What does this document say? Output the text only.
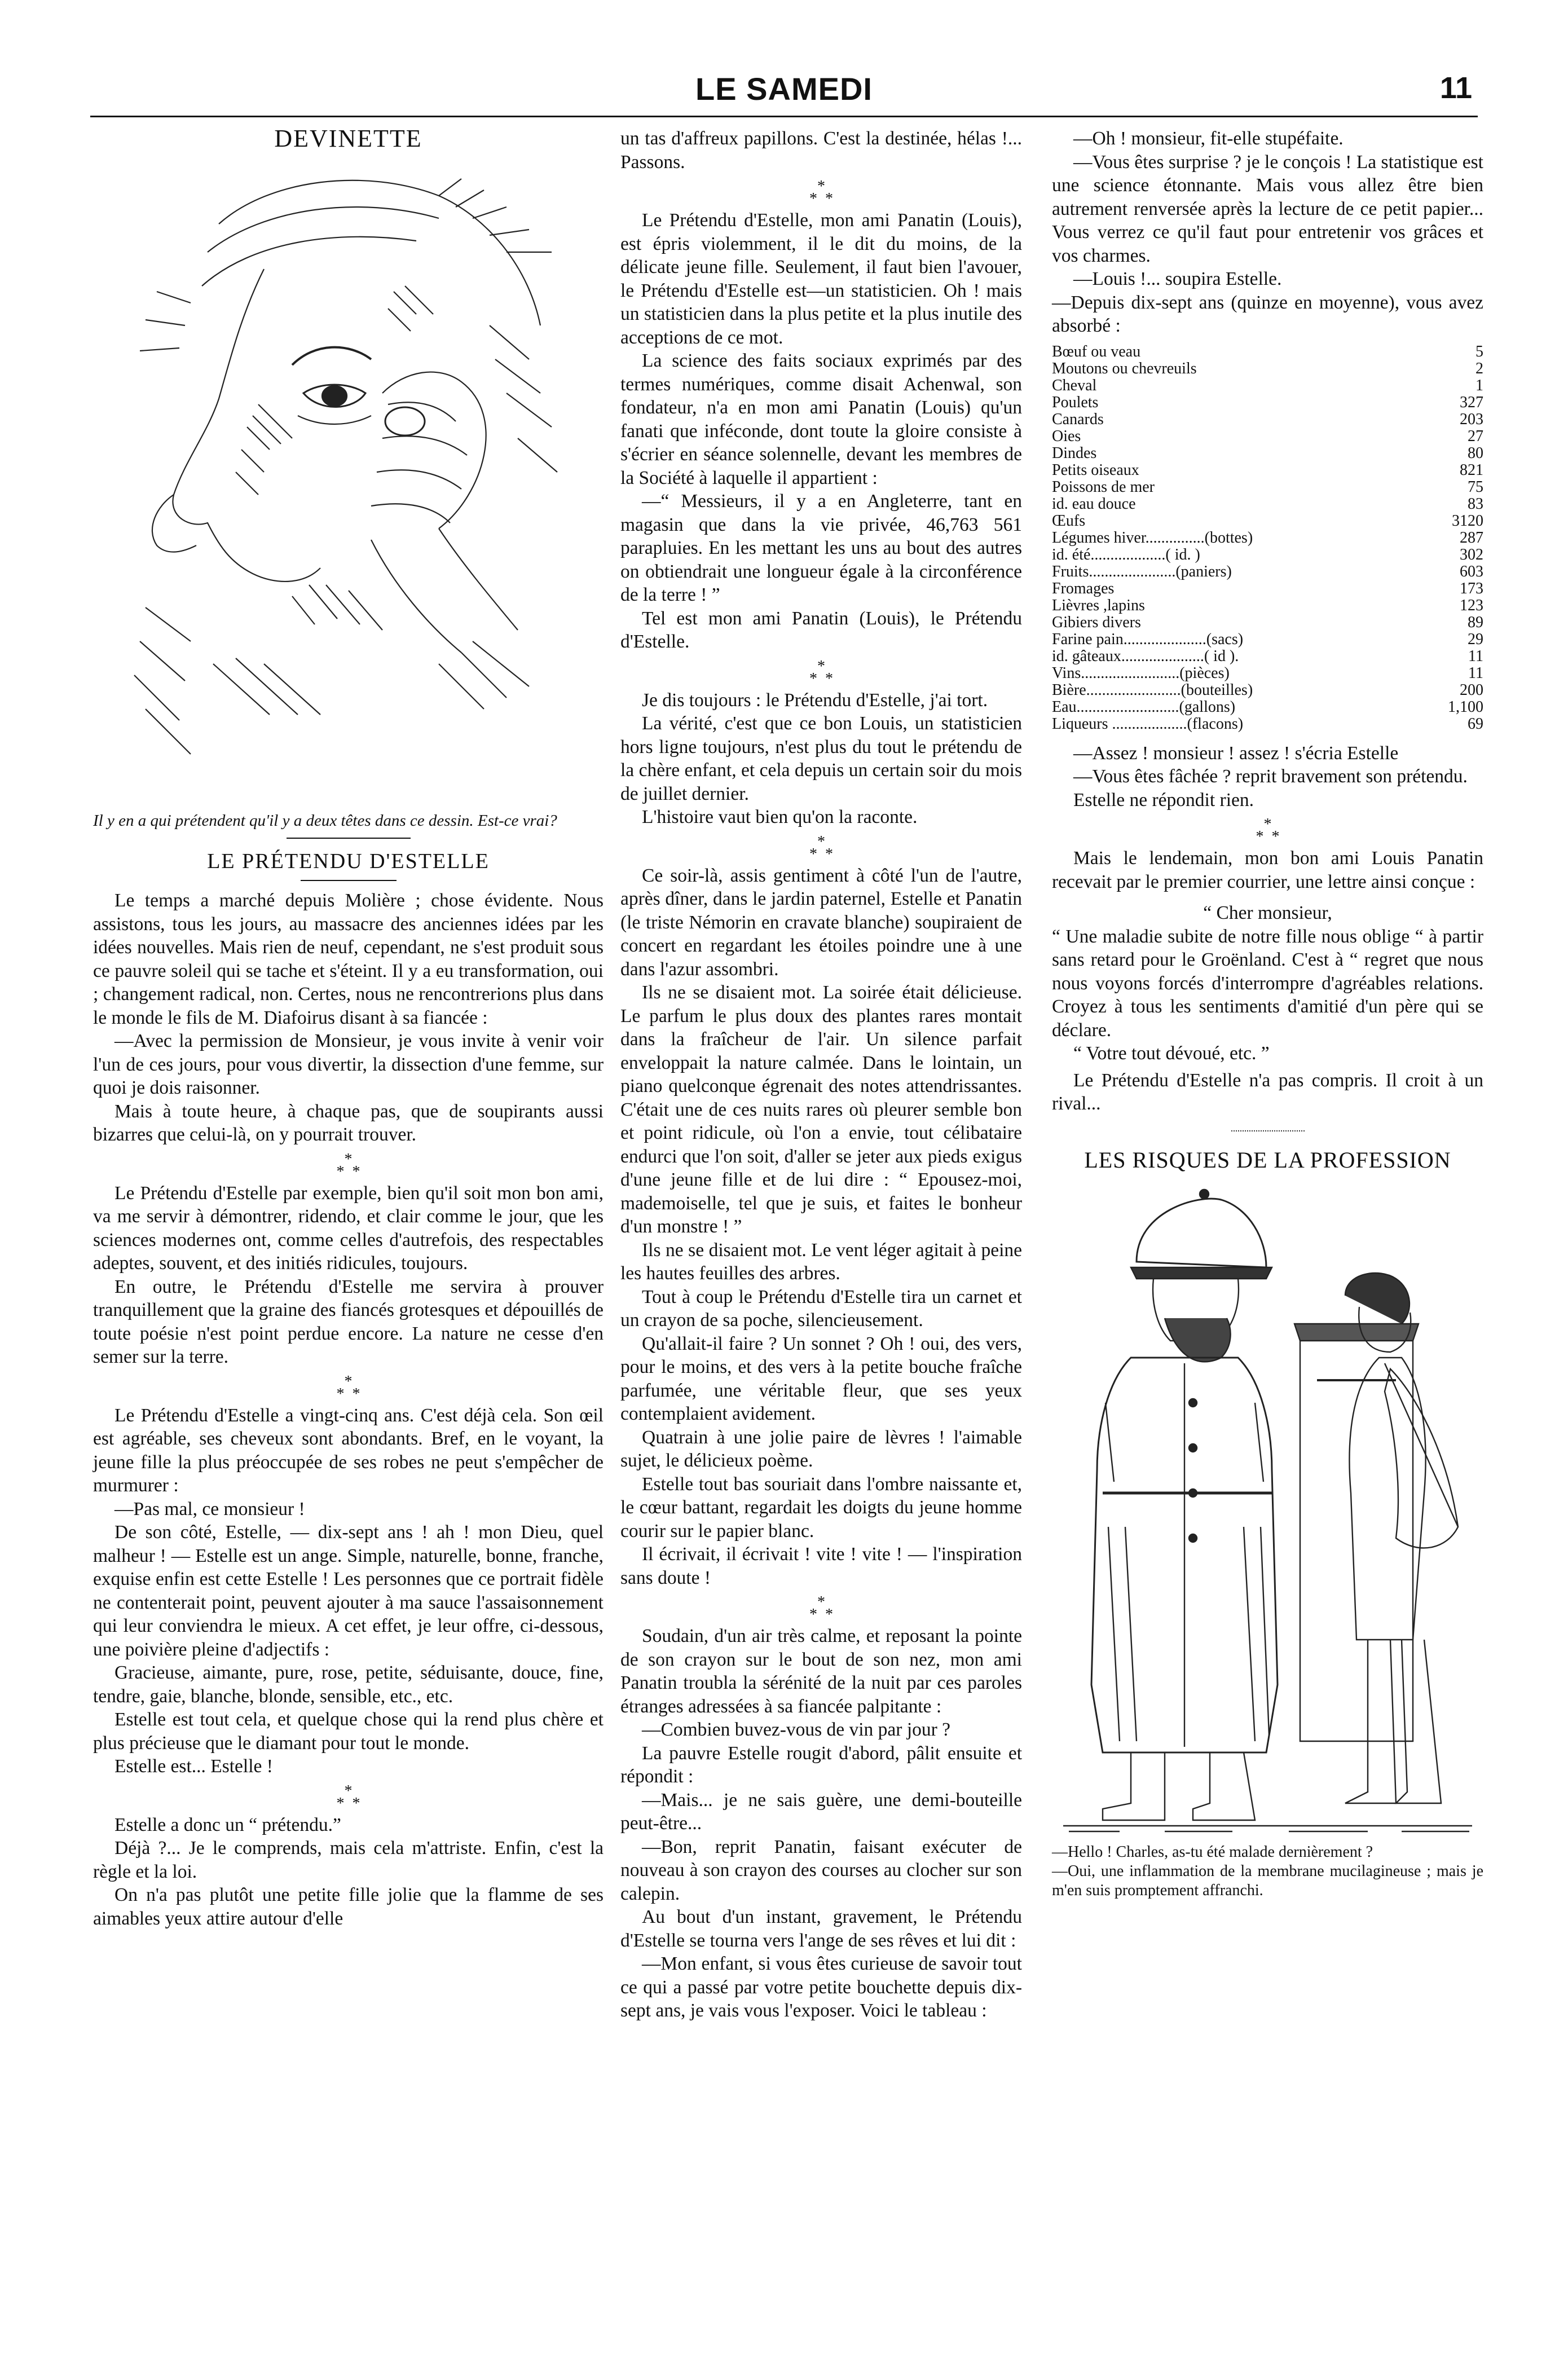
LE SAMEDI	11
DEVINETTE

Il y en a qui prétendent qu'il y a deux têtes dans ce dessin. Est-ce vrai?

LE PRÉTENDU D'ESTELLE

Le temps a marché depuis Molière ; chose évidente. Nous assistons, tous les jours, au massacre des anciennes idées par les idées nouvelles. Mais rien de neuf, cependant, ne s'est produit sous ce pauvre soleil qui se tache et s'éteint. Il y a eu transformation, oui ; changement radical, non. Certes, nous ne rencontrerions plus dans le monde le fils de M. Diafoirus disant à sa fiancée :

—Avec la permission de Monsieur, je vous invite à venir voir l'un de ces jours, pour vous divertir, la dissection d'une femme, sur quoi je dois raisonner.

Mais à toute heure, à chaque pas, que de soupirants aussi bizarres que celui-là, on y pourrait trouver.

*
*  *

Le Prétendu d'Estelle par exemple, bien qu'il soit mon bon ami, va me servir à démontrer, ridendo, et clair comme le jour, que les sciences modernes ont, comme celles d'autrefois, des respectables adeptes, souvent, et des initiés ridicules, toujours.

En outre, le Prétendu d'Estelle me servira à prouver tranquillement que la graine des fiancés grotesques et dépouillés de toute poésie n'est point perdue encore. La nature ne cesse d'en semer sur la terre.

*
*  *

Le Prétendu d'Estelle a vingt-cinq ans. C'est déjà cela. Son œil est agréable, ses cheveux sont abondants. Bref, en le voyant, la jeune fille la plus préoccupée de ses robes ne peut s'empêcher de murmurer :

—Pas mal, ce monsieur !

De son côté, Estelle, — dix-sept ans ! ah ! mon Dieu, quel malheur ! — Estelle est un ange. Simple, naturelle, bonne, franche, exquise enfin est cette Estelle ! Les personnes que ce portrait fidèle ne contenterait point, peuvent ajouter à ma sauce l'assaisonnement qui leur conviendra le mieux. A cet effet, je leur offre, ci-dessous, une poivière pleine d'adjectifs :

Gracieuse, aimante, pure, rose, petite, séduisante, douce, fine, tendre, gaie, blanche, blonde, sensible, etc., etc.

Estelle est tout cela, et quelque chose qui la rend plus chère et plus précieuse que le diamant pour tout le monde.

Estelle est... Estelle !

*
*  *

Estelle a donc un “ prétendu.”

Déjà ?... Je le comprends, mais cela m'attriste. Enfin, c'est la règle et la loi.

On n'a pas plutôt une petite fille jolie que la flamme de ses aimables yeux attire autour d'elle

un tas d'affreux papillons. C'est la destinée, hélas !... Passons.

*
*  *

Le Prétendu d'Estelle, mon ami Panatin (Louis), est épris violemment, il le dit du moins, de la délicate jeune fille. Seulement, il faut bien l'avouer, le Prétendu d'Estelle est—un statisticien. Oh ! mais un statisticien dans la plus petite et la plus inutile des acceptions de ce mot.

La science des faits sociaux exprimés par des termes numériques, comme disait Achenwal, son fondateur, n'a en mon ami Panatin (Louis) qu'un fanati que inféconde, dont toute la gloire consiste à s'écrier en séance solennelle, devant les membres de la Société à laquelle il appartient :

—“ Messieurs, il y a en Angleterre, tant en magasin que dans la vie privée, 46,763 561 parapluies. En les mettant les uns au bout des autres on obtiendrait une longueur égale à la circonférence de la terre ! ”

Tel est mon ami Panatin (Louis), le Prétendu d'Estelle.

*
*  *

Je dis toujours : le Prétendu d'Estelle, j'ai tort.

La vérité, c'est que ce bon Louis, un statisticien hors ligne toujours, n'est plus du tout le prétendu de la chère enfant, et cela depuis un certain soir du mois de juillet dernier.

L'histoire vaut bien qu'on la raconte.

*
*  *

Ce soir-là, assis gentiment à côté l'un de l'autre, après dîner, dans le jardin paternel, Estelle et Panatin (le triste Némorin en cravate blanche) soupiraient de concert en regardant les étoiles poindre une à une dans l'azur assombri.

Ils ne se disaient mot. La soirée était délicieuse. Le parfum le plus doux des plantes rares montait dans la fraîcheur de l'air. Un silence parfait enveloppait la nature calmée. Dans le lointain, un piano quelconque égrenait des notes attendrissantes. C'était une de ces nuits rares où pleurer semble bon et point ridicule, où l'on a envie, tout célibataire endurci que l'on soit, d'aller se jeter aux pieds exigus d'une jeune fille et de lui dire : “ Epousez-moi, mademoiselle, tel que je suis, et faites le bonheur d'un monstre ! ”

Ils ne se disaient mot. Le vent léger agitait à peine les hautes feuilles des arbres.

Tout à coup le Prétendu d'Estelle tira un carnet et un crayon de sa poche, silencieusement.

Qu'allait-il faire ? Un sonnet ? Oh ! oui, des vers, pour le moins, et des vers à la petite bouche fraîche parfumée, une véritable fleur, que ses yeux contemplaient avidement.

Quatrain à une jolie paire de lèvres ! l'aimable sujet, le délicieux poème.

Estelle tout bas souriait dans l'ombre naissante et, le cœur battant, regardait les doigts du jeune homme courir sur le papier blanc.

Il écrivait, il écrivait ! vite ! vite ! — l'inspiration sans doute !

*
*  *

Soudain, d'un air très calme, et reposant la pointe de son crayon sur le bout de son nez, mon ami Panatin troubla la sérénité de la nuit par ces paroles étranges adressées à sa fiancée palpitante :

—Combien buvez-vous de vin par jour ?

La pauvre Estelle rougit d'abord, pâlit ensuite et répondit :

—Mais... je ne sais guère, une demi-bouteille peut-être...

—Bon, reprit Panatin, faisant exécuter de nouveau à son crayon des courses au clocher sur son calepin.

Au bout d'un instant, gravement, le Prétendu d'Estelle se tourna vers l'ange de ses rêves et lui dit :

—Mon enfant, si vous êtes curieuse de savoir tout ce qui a passé par votre petite bouchette depuis dix-sept ans, je vais vous l'exposer. Voici le tableau :

—Oh ! monsieur, fit-elle stupéfaite.

—Vous êtes surprise ? je le conçois ! La statistique est une science étonnante. Mais vous allez être bien autrement renversée après la lecture de ce petit papier... Vous verrez ce qu'il faut pour entretenir vos grâces et vos charmes.

—Louis !... soupira Estelle.

—Depuis dix-sept ans (quinze en moyenne), vous avez absorbé :

Bœuf ou veau	5
Moutons ou chevreuils	2
Cheval	1
Poulets	327
Canards	203
Oies	27
Dindes	80
Petits oiseaux	821
Poissons de mer	75
id. eau douce	83
Œufs	3120
Légumes hiver...............(bottes)	287
id. été...................( id. )	302
Fruits......................(paniers)	603
Fromages	173
Lièvres ,lapins	123
Gibiers divers	89
Farine pain.....................(sacs)	29
id. gâteaux.....................( id ).	11
Vins.........................(pièces)	11
Bière........................(bouteilles)	200
Eau..........................(gallons)	1,100
Liqueurs ...................(flacons)	69

—Assez ! monsieur ! assez ! s'écria Estelle

—Vous êtes fâchée ? reprit bravement son prétendu.

Estelle ne répondit rien.

*
*  *

Mais le lendemain, mon bon ami Louis Panatin recevait par le premier courrier, une lettre ainsi conçue :

“ Cher monsieur,

“ Une maladie subite de notre fille nous oblige “ à partir sans retard pour le Groënland. C'est à “ regret que nous nous voyons forcés d'interrompre d'agréables relations. Croyez à tous les sentiments d'amitié d'un père qui se déclare.

“ Votre tout dévoué, etc. ”

Le Prétendu d'Estelle n'a pas compris. Il croit à un rival...

LES RISQUES DE LA PROFESSION

—Hello ! Charles, as-tu été malade dernièrement ?

—Oui, une inflammation de la membrane mucilagineuse ; mais je m'en suis promptement affranchi.
